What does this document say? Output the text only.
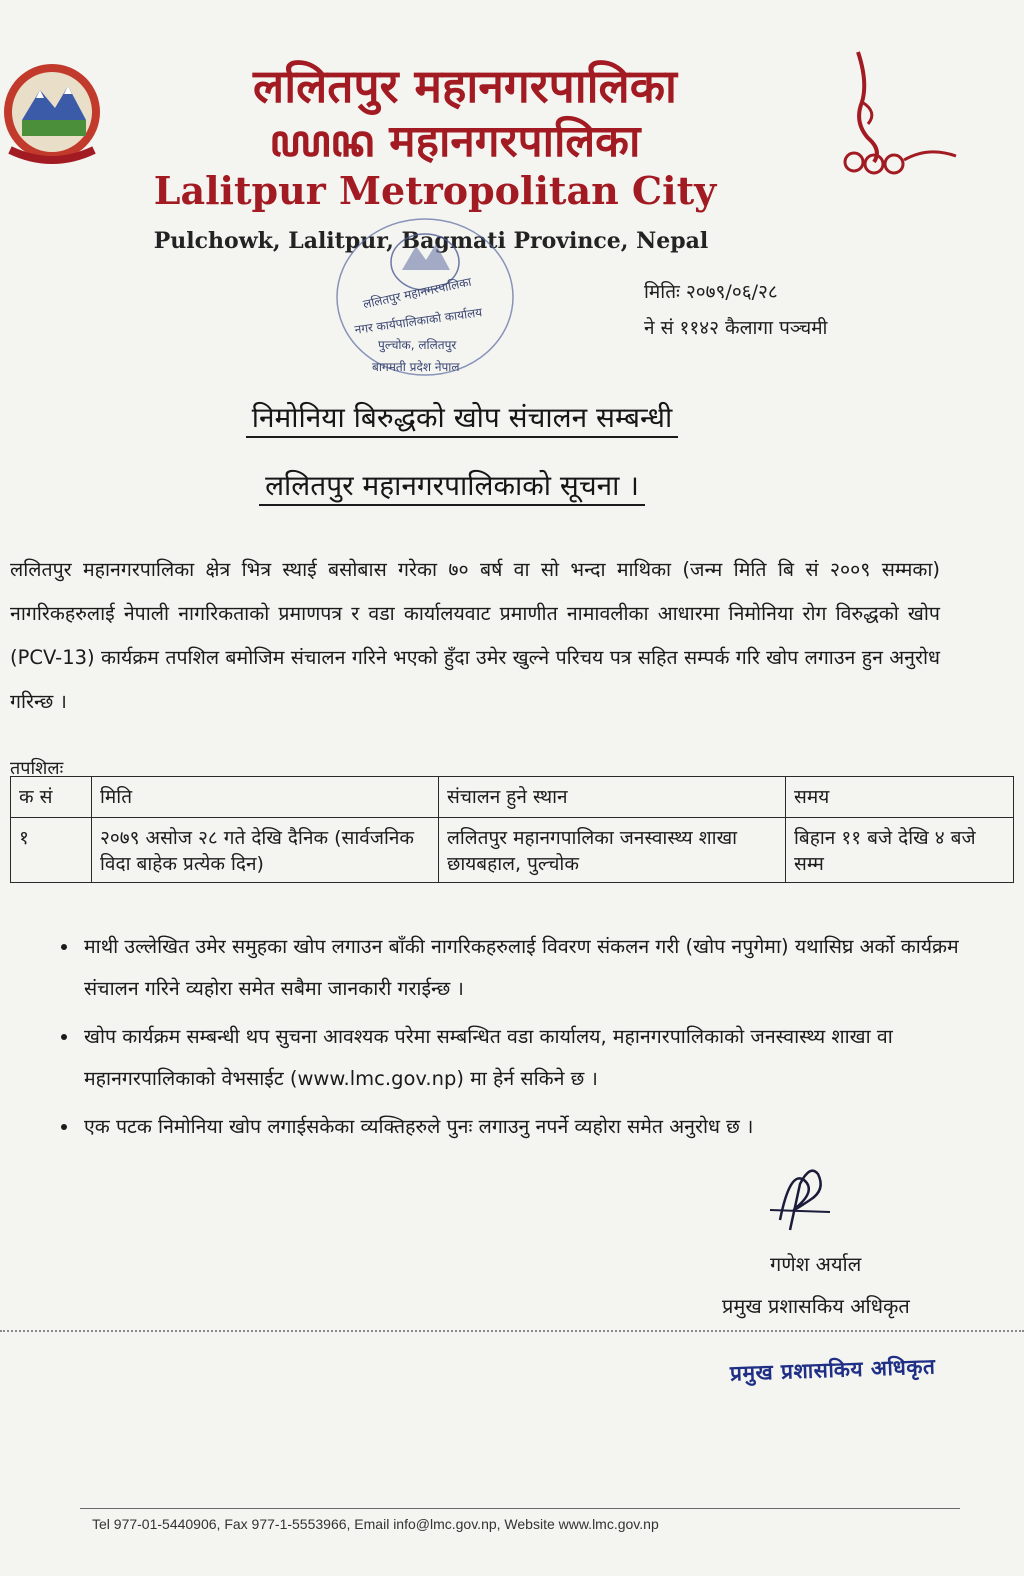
ललितपुर महानगरपालिका
ꦪꦤ महानगरपालिका
Lalitpur Metropolitan City
Pulchowk, Lalitpur, Bagmati Province, Nepal
ललितपुर महानगरपालिका
नगर कार्यपालिकाको कार्यालय
पुल्चोक, ललितपुर
बागमती प्रदेश नेपाल
मितिः २०७९/०६/२८
ने सं ११४२ कैलागा पञ्चमी
निमोनिया बिरुद्धको खोप संचालन सम्बन्धी
ललितपुर महानगरपालिकाको सूचना ।
ललितपुर महानगरपालिका क्षेत्र भित्र स्थाई बसोबास गरेका ७० बर्ष वा सो भन्दा माथिका (जन्म मिति बि सं २००९ सम्मका) नागरिकहरुलाई नेपाली नागरिकताको प्रमाणपत्र र वडा कार्यालयवाट प्रमाणीत नामावलीका आधारमा निमोनिया रोग विरुद्धको खोप (PCV-13) कार्यक्रम तपशिल बमोजिम संचालन गरिने भएको हुँदा उमेर खुल्ने परिचय पत्र सहित सम्पर्क गरि खोप लगाउन हुन अनुरोध गरिन्छ ।
तपशिलः
क सं	मिति	संचालन हुने स्थान	समय
१	२०७९ असोज २८ गते देखि दैनिक (सार्वजनिक विदा बाहेक प्रत्येक दिन)	ललितपुर महानगपालिका जनस्वास्थ्य शाखा छायबहाल, पुल्चोक	बिहान ११ बजे देखि ४ बजे सम्म
• माथी उल्लेखित उमेर समुहका खोप लगाउन बाँकी नागरिकहरुलाई विवरण संकलन गरी (खोप नपुगेमा) यथासिघ्र अर्को कार्यक्रम संचालन गरिने व्यहोरा समेत सबैमा जानकारी गराईन्छ ।
• खोप कार्यक्रम सम्बन्धी थप सुचना आवश्यक परेमा सम्बन्धित वडा कार्यालय, महानगरपालिकाको जनस्वास्थ्य शाखा वा महानगरपालिकाको वेभसाईट (www.lmc.gov.np) मा हेर्न सकिने छ ।
• एक पटक निमोनिया खोप लगाईसकेका व्यक्तिहरुले पुनः लगाउनु नपर्ने व्यहोरा समेत अनुरोध छ ।
गणेश अर्याल
प्रमुख प्रशासकिय अधिकृत
प्रमुख प्रशासकिय अधिकृत
Tel 977-01-5440906, Fax 977-1-5553966, Email info@lmc.gov.np, Website www.lmc.gov.np
